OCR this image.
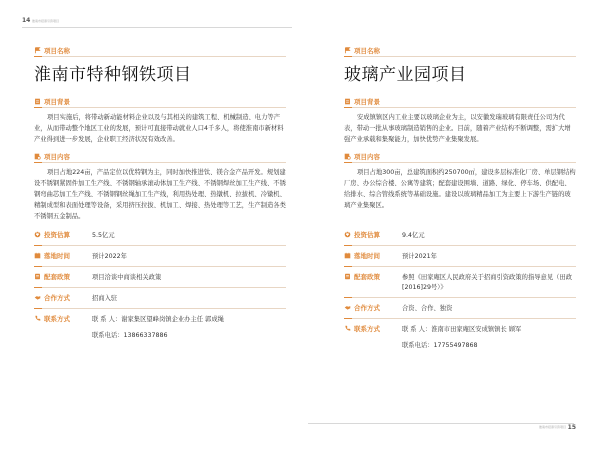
14 淮南市招商引资项目
项目名称
淮南市特种钢铁项目
项目背景
项目实施后，将带动新动能材料企业以及与其相关的建筑工程、机械制造、电力等产业，从而带动整个地区工业的发展，预计可直接带动就业人口4千多人，将使淮南市新材料产业得到进一步发展，企业职工经济状况有效改善。
项目内容
项目占地224亩，产品定位以优特钢为主，同时加快推进钛、镁合金产品开发。规划建设不锈钢紧固件加工生产线、不锈钢轴承滚动体加工生产线、不锈钢焊丝加工生产线、不锈钢弯曲芯加工生产线、不锈钢钢丝绳加工生产线，利用热处理、热镦机、拉拔机、冷镦机、精制成型和表面处理等设备，采用挤压拉拔、机加工、焊接、热处理等工艺，生产制造各类不锈钢五金制品。
¥ 投资估算	5.5亿元
落地时间	预计2022年
配套政策	项目洽谈中商谈相关政策
合作方式	招商入驻
联系方式	联 系 人：谢家集区望峰岗镇企业办主任 郭成绳
联系电话：13866337886
项目名称
玻璃产业园项目
项目背景
安成镇镇区内工业主要以玻璃企业为主，以安徽发瑞玻璃有限责任公司为代表，带动一批从事玻璃制造销售的企业。目前，随着产业结构不断调整，需扩大增强产业承载和集聚能力，加快优势产业集聚发展。
项目内容
项目占地300亩，总建筑面积约250700㎡，建设多层标准化厂房、单层钢结构厂房、办公综合楼、公寓等建筑；配套建设围墙、道路、绿化、停车场、供配电、给排水、综合管线系统等基础设施。建设以玻璃精品加工为主要上下游生产链的玻璃产业集聚区。
¥ 投资估算	9.4亿元
落地时间	预计2021年
配套政策	参照《田家庵区人民政府关于招商引资政策的指导意见（田政[2016]29号）》
合作方式	合资、合作、独资
联系方式	联 系 人：淮南市田家庵区安成镇镇长 顾军
联系电话：17755497868
淮南市招商引资项目 15
